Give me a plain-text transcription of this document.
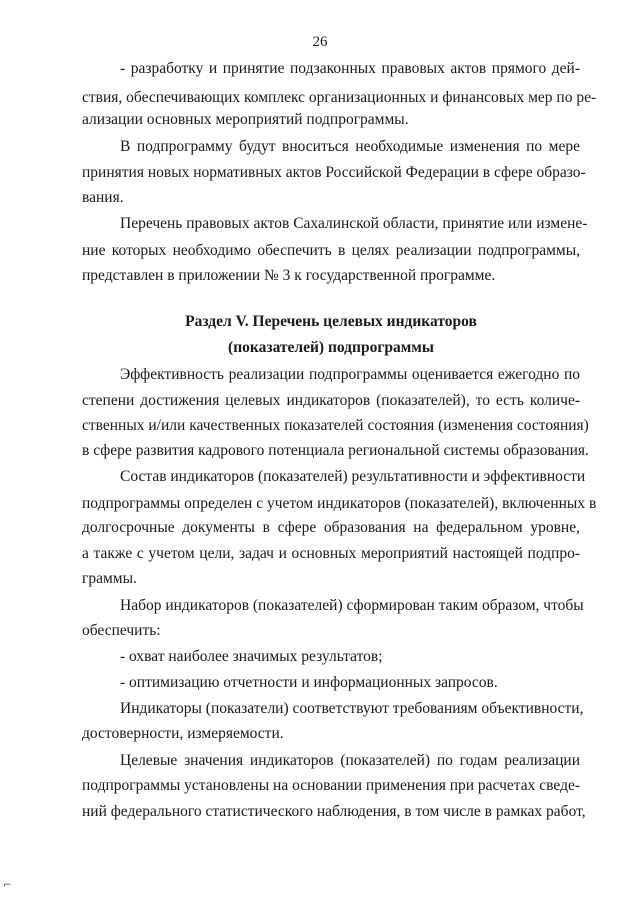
26
- разработку и принятие подзаконных правовых актов прямого дей-
ствия, обеспечивающих комплекс организационных и финансовых мер по ре-
ализации основных мероприятий подпрограммы.
В подпрограмму будут вноситься необходимые изменения по мере
принятия новых нормативных актов Российской Федерации в сфере образо-
вания.
Перечень правовых актов Сахалинской области, принятие или измене-
ние которых необходимо обеспечить в целях реализации подпрограммы,
представлен в приложении № 3 к государственной программе.
Раздел V. Перечень целевых индикаторов
(показателей) подпрограммы
Эффективность реализации подпрограммы оценивается ежегодно по
степени достижения целевых индикаторов (показателей), то есть количе-
ственных и/или качественных показателей состояния (изменения состояния)
в сфере развития кадрового потенциала региональной системы образования.
Состав индикаторов (показателей) результативности и эффективности
подпрограммы определен с учетом индикаторов (показателей), включенных в
долгосрочные документы в сфере образования на федеральном уровне,
а также с учетом цели, задач и основных мероприятий настоящей подпро-
граммы.
Набор индикаторов (показателей) сформирован таким образом, чтобы
обеспечить:
- охват наиболее значимых результатов;
- оптимизацию отчетности и информационных запросов.
Индикаторы (показатели) соответствуют требованиям объективности,
достоверности, измеряемости.
Целевые значения индикаторов (показателей) по годам реализации
подпрограммы установлены на основании применения при расчетах сведе-
ний федерального статистического наблюдения, в том числе в рамках работ,
⌐
